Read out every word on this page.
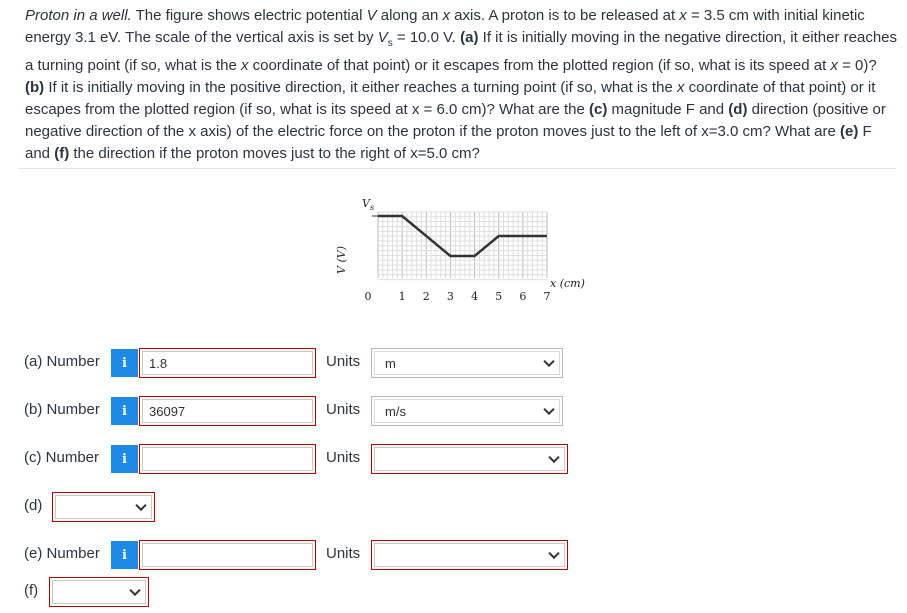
Proton in a well. The figure shows electric potential V along an x axis. A proton is to be released at x = 3.5 cm with initial kinetic energy 3.1 eV. The scale of the vertical axis is set by $V_s = 10.0$ V. (a) If it is initially moving in the negative direction, it either reaches a turning point (if so, what is the x coordinate of that point) or it escapes from the plotted region (if so, what is its speed at x = 0)? (b) If it is initially moving in the positive direction, it either reaches a turning point (if so, what is the x coordinate of that point) or it escapes from the plotted region (if so, what is its speed at x = 6.0 cm)? What are the (c) magnitude F and (d) direction (positive or negative direction of the x axis) of the electric force on the proton if the proton moves just to the left of x=3.0 cm? What are (e) F and (f) the direction if the proton moves just to the right of x=5.0 cm?
V (V)
$V_s$
0 1 2 3 4 5 6 7
x (cm)
(a) Number	i	1.8	Units m
(b) Number	i	36097	Units m/s
(c) Number	i	Units
(d)
(e) Number	i	Units
(f)
